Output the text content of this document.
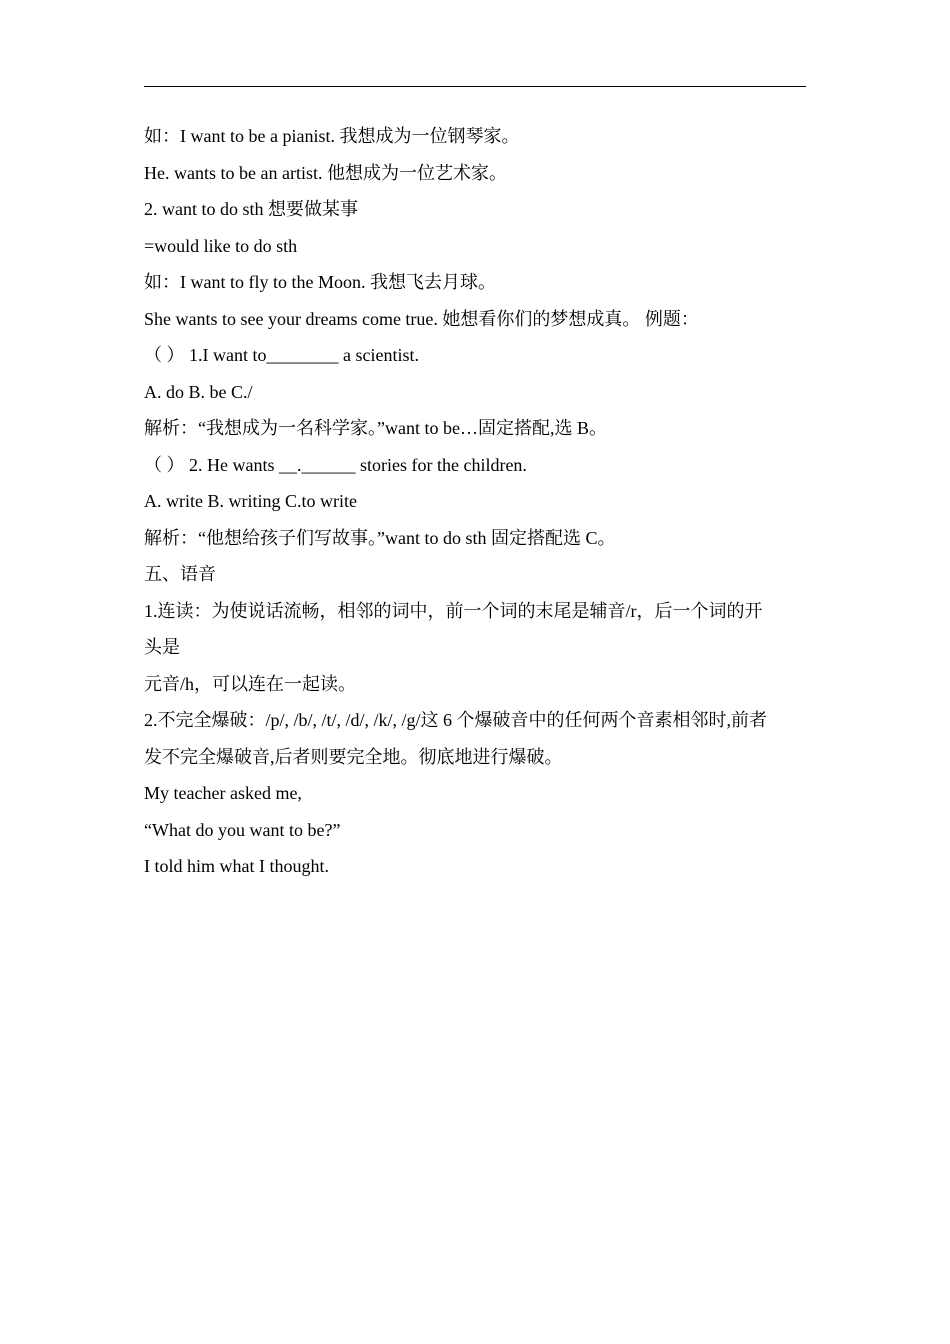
如：I want to be a pianist. 我想成为一位钢琴家。

He. wants to be an artist. 他想成为一位艺术家。

2. want to do sth 想要做某事

=would like to do sth

如：I want to fly to the Moon. 我想飞去月球。

She wants to see your dreams come true. 她想看你们的梦想成真。 例题：

（ ） 1.I want to________ a scientist.

A. do B. be C./

解析：“我想成为一名科学家。”want to be…固定搭配,选 B。

（ ） 2. He wants __.______ stories for the children.

A. write B. writing C.to write

解析：“他想给孩子们写故事。”want to do sth 固定搭配选 C。

五、语音

1.连读：为使说话流畅，相邻的词中，前一个词的末尾是辅音/r，后一个词的开

头是

元音/h，可以连在一起读。

2.不完全爆破：/p/, /b/, /t/, /d/, /k/, /g/这 6 个爆破音中的任何两个音素相邻时,前者

发不完全爆破音,后者则要完全地。彻底地进行爆破。

My teacher asked me,

“What do you want to be?”

I told him what I thought.
